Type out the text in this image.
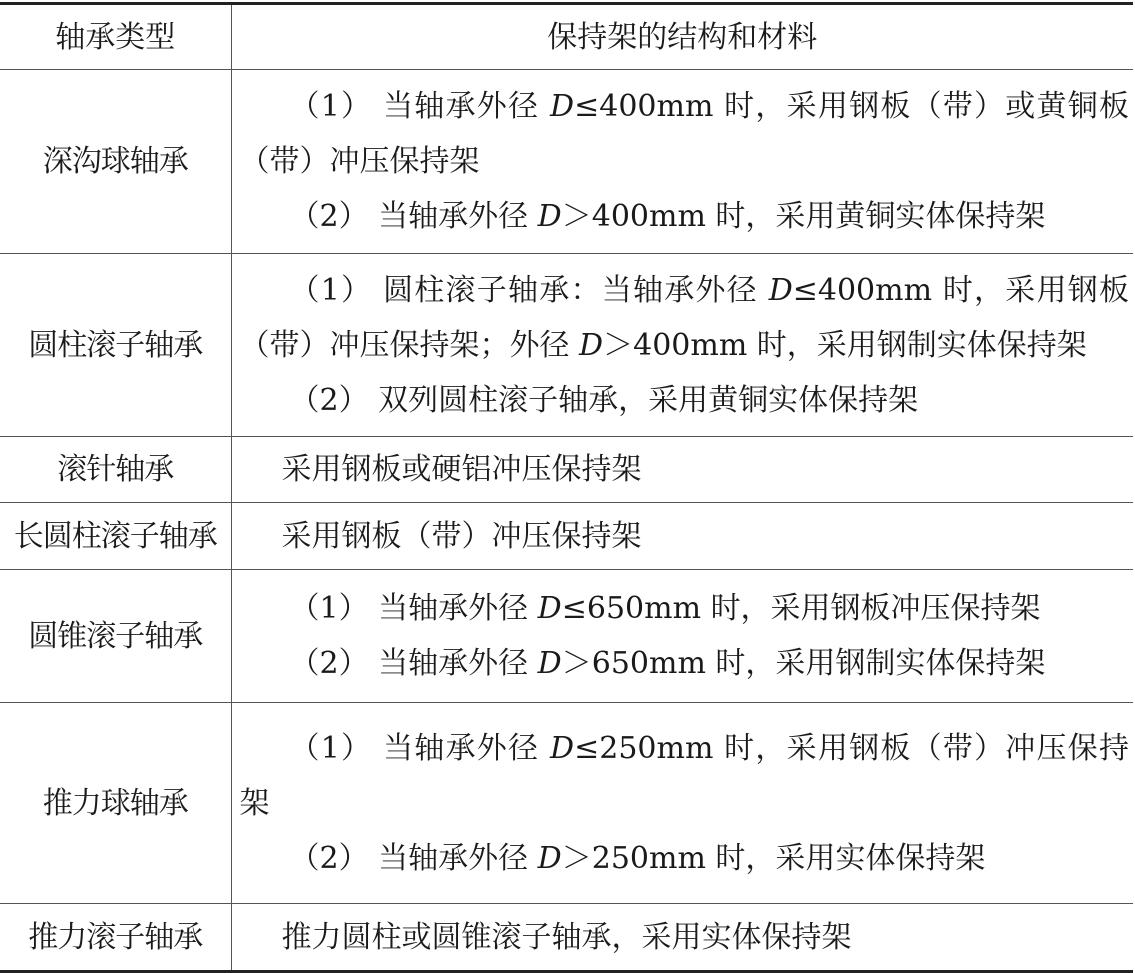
轴承类型	保持架的结构和材料
深沟球轴承	（1） 当轴承外径 D≤400mm 时，采用钢板（带）或黄铜板（带）冲压保持架
（2） 当轴承外径 D＞400mm 时，采用黄铜实体保持架

圆柱滚子轴承	（1） 圆柱滚子轴承：当轴承外径 D≤400mm 时，采用钢板（带）冲压保持架；外径 D＞400mm 时，采用钢制实体保持架
（2） 双列圆柱滚子轴承，采用黄铜实体保持架

滚针轴承	采用钢板或硬铝冲压保持架

长圆柱滚子轴承	采用钢板（带）冲压保持架

圆锥滚子轴承	（1） 当轴承外径 D≤650mm 时，采用钢板冲压保持架
（2） 当轴承外径 D＞650mm 时，采用钢制实体保持架

推力球轴承	（1） 当轴承外径 D≤250mm 时，采用钢板（带）冲压保持架
（2） 当轴承外径 D＞250mm 时，采用实体保持架

推力滚子轴承	推力圆柱或圆锥滚子轴承，采用实体保持架
